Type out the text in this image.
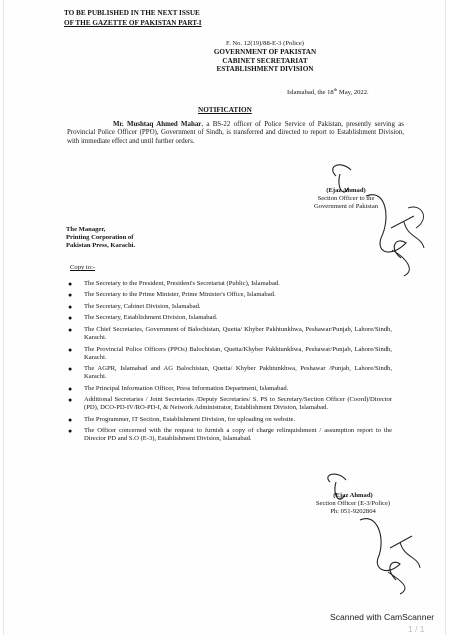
TO BE PUBLISHED IN THE NEXT ISSUE
OF THE GAZETTE OF PAKISTAN PART-I
F. No. 12(19)/88-E-3 (Police)
GOVERNMENT OF PAKISTAN
CABINET SECRETARIAT
ESTABLISHMENT DIVISION
Islamabad, the 18th May, 2022.
NOTIFICATION
Mr. Mushtaq Ahmed Mahar, a BS-22 officer of Police Service of Pakistan, presently serving as Provincial Police Officer (PPO), Government of Sindh, is transferred and directed to report to Establishment Division, with immediate effect and until further orders.
(Ejaz Ahmad)
Section Officer to the
Government of Pakistan
The Manager,
Printing Corporation of
Pakistan Press, Karachi.
Copy to:-
● The Secretary to the President, President's Secretariat (Public), Islamabad.
● The Secretary to the Prime Minister, Prime Minister's Office, Islamabad.
● The Secretary, Cabinet Division, Islamabad.
● The Secretary, Establishment Division, Islamabad.
● The Chief Secretaries, Government of Balochistan, Quetta/ Khyber Pakhtunkhwa, Peshawar/Punjab, Lahore/Sindh, Karachi.
● The Provincial Police Officers (PPOs) Balochistan, Quetta/Khyber Pakhtunkhwa, Peshawar/Punjab, Lahore/Sindh, Karachi.
● The AGPR, Islamabad and AG Balochistan, Quetta/ Khyber Pakhtunkhwa, Peshawar /Punjab, Lahore/Sindh, Karachi.
● The Principal Information Officer, Press Information Department, Islamabad.
● Additional Secretaries / Joint Secretaries /Deputy Secretaries/ S. PS to Secretary/Section Officer (Coord)/Director (PD), DCO-PD-IV/RO-PD-I, & Network Administrator, Establishment Division, Islamabad.
● The Programmer, IT Section, Establishment Division, for uploading on website.
● The Officer concerned with the request to furnish a copy of charge relinquishment / assumption report to the Director PD and S.O (E-3), Establishment Division, Islamabad.
(Ejaz Ahmad)
Section Officer (E-3/Police)
Ph: 051-9202804
Scanned with CamScanner
1 / 1
